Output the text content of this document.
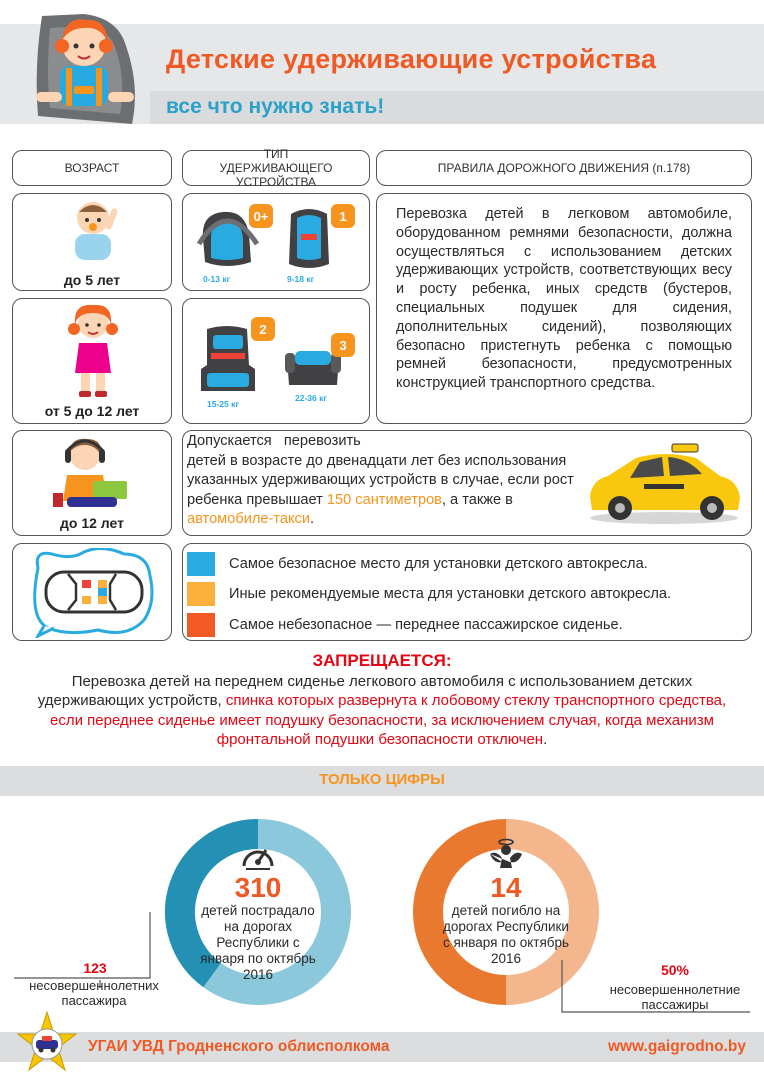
Детские удерживающие устройства
все что нужно знать!
ВОЗРАСТ
ТИП УДЕРЖИВАЮЩЕГО УСТРОЙСТВА
ПРАВИЛА ДОРОЖНОГО ДВИЖЕНИЯ (п.178)
до 5 лет
от 5 до 12 лет
до 12 лет
0+
0-13 кг
1
9-18 кг
2
15-25 кг
3
22-36 кг
Перевозка детей в легковом автомобиле, оборудованном ремнями безопасности, должна осуществляться с использованием детских удерживающих устройств, соответствующих весу и росту ребенка, иных средств (бустеров, специальных подушек для сидения, дополнительных сидений), позволяющих безопасно пристегнуть ребенка с помощью ремней безопасности, предусмотренных конструкцией транспортного средства.
Допускается   перевозить
детей в возрасте до двенадцати лет без использования указанных удерживающих устройств в случае, если рост ребенка превышает 150 сантиметров, а также в автомобиле-такси.
Самое безопасное место для установки детского автокресла.
Иные рекомендуемые места для установки детского автокресла.
Самое небезопасное — переднее пассажирское сиденье.
ЗАПРЕЩАЕТСЯ:
Перевозка детей на переднем сиденье легкового автомобиля с использованием детских удерживающих устройств, спинка которых развернута к лобовому стеклу транспортного средства, если переднее сиденье имеет подушку безопасности, за исключением случая, когда механизм фронтальной подушки безопасности отключен.
ТОЛЬКО ЦИФРЫ
310
детей пострадало на дорогах Республики с января по октябрь 2016
123
несовершеннолетних пассажира
14
детей погибло на дорогах Республики с января по октябрь 2016
50%
несовершеннолетние пассажиры
УГАИ УВД Гродненского облисполкома	www.gaigrodno.by
